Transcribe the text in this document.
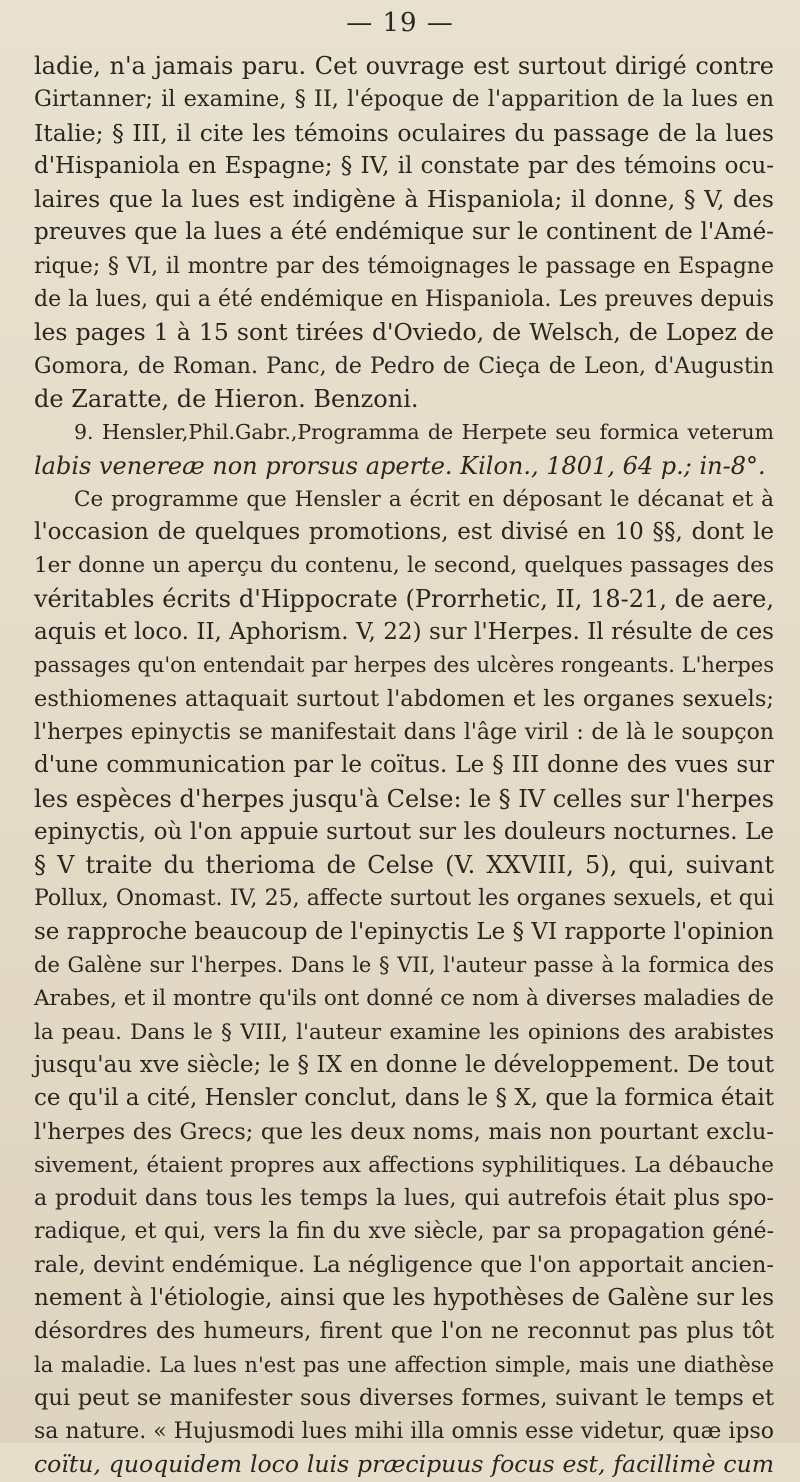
— 19 —
ladie, n'a jamais paru. Cet ouvrage est surtout dirigé contre
Girtanner; il examine, § II, l'époque de l'apparition de la lues en
Italie; § III, il cite les témoins oculaires du passage de la lues
d'Hispaniola en Espagne; § IV, il constate par des témoins ocu-
laires que la lues est indigène à Hispaniola; il donne, § V, des
preuves que la lues a été endémique sur le continent de l'Amé-
rique; § VI, il montre par des témoignages le passage en Espagne
de la lues, qui a été endémique en Hispaniola. Les preuves depuis
les pages 1 à 15 sont tirées d'Oviedo, de Welsch, de Lopez de
Gomora, de Roman. Panc, de Pedro de Cieça de Leon, d'Augustin
de Zaratte, de Hieron. Benzoni.
9. Hensler,Phil.Gabr.,Programma de Herpete seu formica veterum
labis venereæ non prorsus aperte. Kilon., 1801, 64 p.; in-8°.
Ce programme que Hensler a écrit en déposant le décanat et à
l'occasion de quelques promotions, est divisé en 10 §§, dont le
1er donne un aperçu du contenu, le second, quelques passages des
véritables écrits d'Hippocrate (Prorrhetic, II, 18-21, de aere,
aquis et loco. II, Aphorism. V, 22) sur l'Herpes. Il résulte de ces
passages qu'on entendait par herpes des ulcères rongeants. L'herpes
esthiomenes attaquait surtout l'abdomen et les organes sexuels;
l'herpes epinyctis se manifestait dans l'âge viril : de là le soupçon
d'une communication par le coïtus. Le § III donne des vues sur
les espèces d'herpes jusqu'à Celse: le § IV celles sur l'herpes
epinyctis, où l'on appuie surtout sur les douleurs nocturnes. Le
§ V traite du therioma de Celse (V. XXVIII, 5), qui, suivant
Pollux, Onomast. IV, 25, affecte surtout les organes sexuels, et qui
se rapproche beaucoup de l'epinyctis Le § VI rapporte l'opinion
de Galène sur l'herpes. Dans le § VII, l'auteur passe à la formica des
Arabes, et il montre qu'ils ont donné ce nom à diverses maladies de
la peau. Dans le § VIII, l'auteur examine les opinions des arabistes
jusqu'au xve siècle; le § IX en donne le développement. De tout
ce qu'il a cité, Hensler conclut, dans le § X, que la formica était
l'herpes des Grecs; que les deux noms, mais non pourtant exclu-
sivement, étaient propres aux affections syphilitiques. La débauche
a produit dans tous les temps la lues, qui autrefois était plus spo-
radique, et qui, vers la fin du xve siècle, par sa propagation géné-
rale, devint endémique. La négligence que l'on apportait ancien-
nement à l'étiologie, ainsi que les hypothèses de Galène sur les
désordres des humeurs, firent que l'on ne reconnut pas plus tôt
la maladie. La lues n'est pas une affection simple, mais une diathèse
qui peut se manifester sous diverses formes, suivant le temps et
sa nature. « Hujusmodi lues mihi illa omnis esse videtur, quæ ipso
coïtu, quoquidem loco luis præcipuus focus est, facillimè cum
